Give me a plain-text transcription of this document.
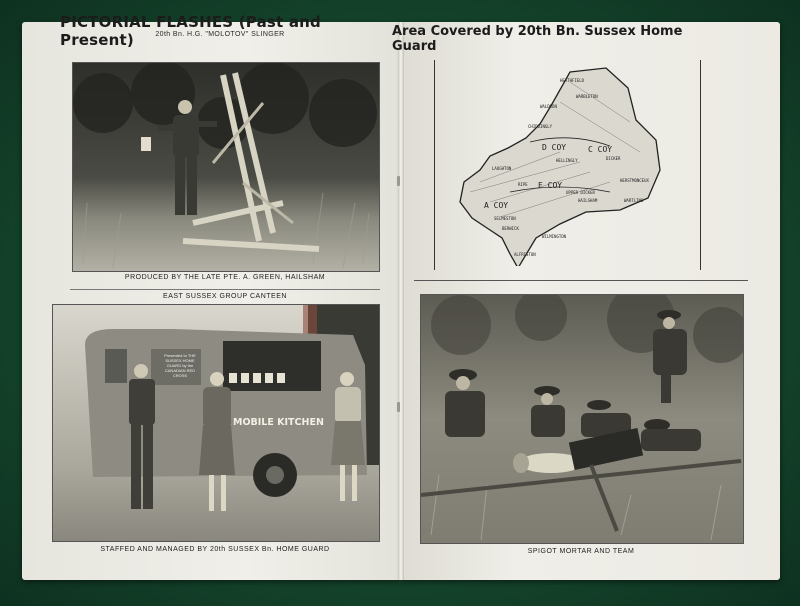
PICTORIAL FLASHES (Past and Present)	20th Bn. H.G. "MOLOTOV" SLINGER
PRODUCED BY THE LATE PTE. A. GREEN, HAILSHAM
EAST SUSSEX GROUP CANTEEN
Presented to THE SUSSEX HOME GUARD by the CANADIAN RED CROSS
MOBILE KITCHEN
STAFFED AND MANAGED BY 20th SUSSEX Bn. HOME GUARD
Area Covered by 20th Bn. Sussex Home Guard
D COY	C COY
E COY
A COY
HEATHFIELD
WARBLETON
WALDRON
CHIDDINGLY
DICKER
LAUGHTON
RIPE
HELLINGLY
HAILSHAM
UPPER DICKER
HERSTMONCEUX
WARTLING
SELMESTON
BERWICK
WILMINGTON
ALFRISTON
SPIGOT MORTAR AND TEAM
